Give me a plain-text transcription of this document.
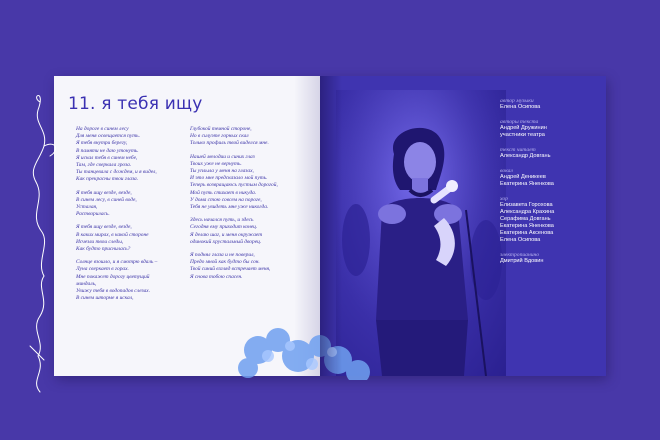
11. я тебя ищу
На дороге в синем лесу
Для меня освещается путь.
Я тебя внутри берегу,
В памяти не даю утонуть.
Я искал тебя в синем небе,
Там, где сверкала гроза.
Ты танцевала с дождем, и я видел,
Как прекрасны твои глаза.
Я тебя ищу везде, везде,
В синем лесу, в синей воде,
Усталая,
Растворилась.
Я тебя ищу везде, везде,
В каких мирах, в какой стороне
Исчезли твои следы,
Как будто приснилась?
Солнце взошло, и я смотрю вдаль –
Луна сверкает в горах.
Мне покажет дорогу цветущий
миндаль,
Увижу тебя в водопадов слезах.
В синем шторме я искал,
Глубокой темной стороне,
Но в силуэте горных скал
Только профиль твой виделся мне.
Нашей мелодии и синих глаз
Твоих уже не вернуть.
Ты уплыла у меня на глазах,
И это мне предсказало мой путь.
Теперь возвращаюсь пустым дорогой,
Мой путь стихает в никуда.
У дома стою совсем на пороге,
Тебя не увидеть мне уже никогда.
Здесь начался путь, и здесь
Сегодня ему приходит конец.
Я делаю шаг, и меня окружает
одинокий хрустальный дворец.
Я поднял глаза и не поверил,
Предо мной как будто бы сон.
Твой синий взгляд встречает меня,
Я снова тобою спасен.
автор музыки
Елена Осипова
авторы текста
Андрей Дружинин
участники театра
текст читает
Александр Довгань
вокал
Андрей Деникеев
Екатерина Яненкова
хор
Елизавета Горохова
Александра Крахина
Серафима Довгань
Екатерина Яненкова
Екатерина Аксенова
Елена Осипова
электропианино
Дмитрий Вдовин
